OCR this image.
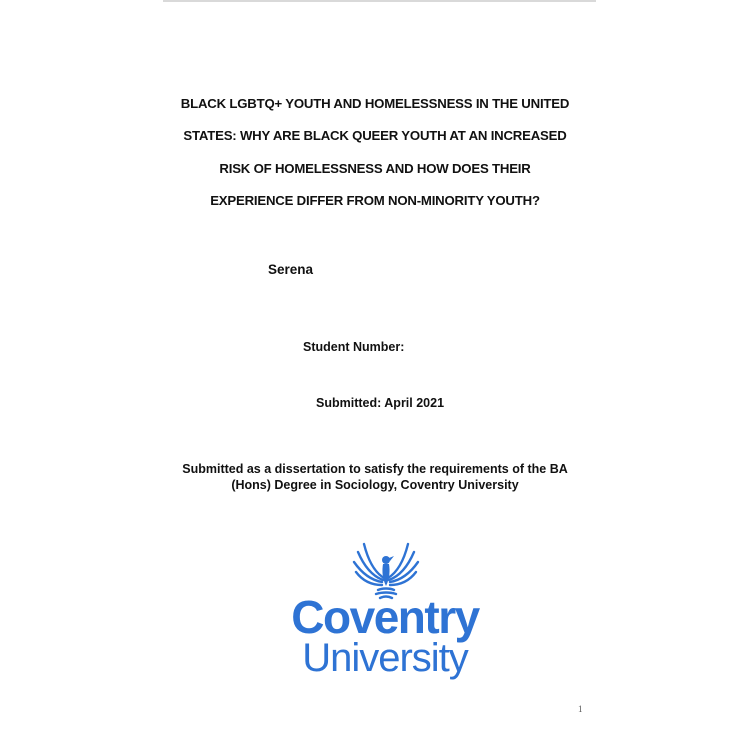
BLACK LGBTQ+ YOUTH AND HOMELESSNESS IN THE UNITED
STATES: WHY ARE BLACK QUEER YOUTH AT AN INCREASED
RISK OF HOMELESSNESS AND HOW DOES THEIR
EXPERIENCE DIFFER FROM NON-MINORITY YOUTH?
Serena
Student Number:
Submitted: April 2021
Submitted as a dissertation to satisfy the requirements of the BA
(Hons) Degree in Sociology, Coventry University
Coventry
University
1
